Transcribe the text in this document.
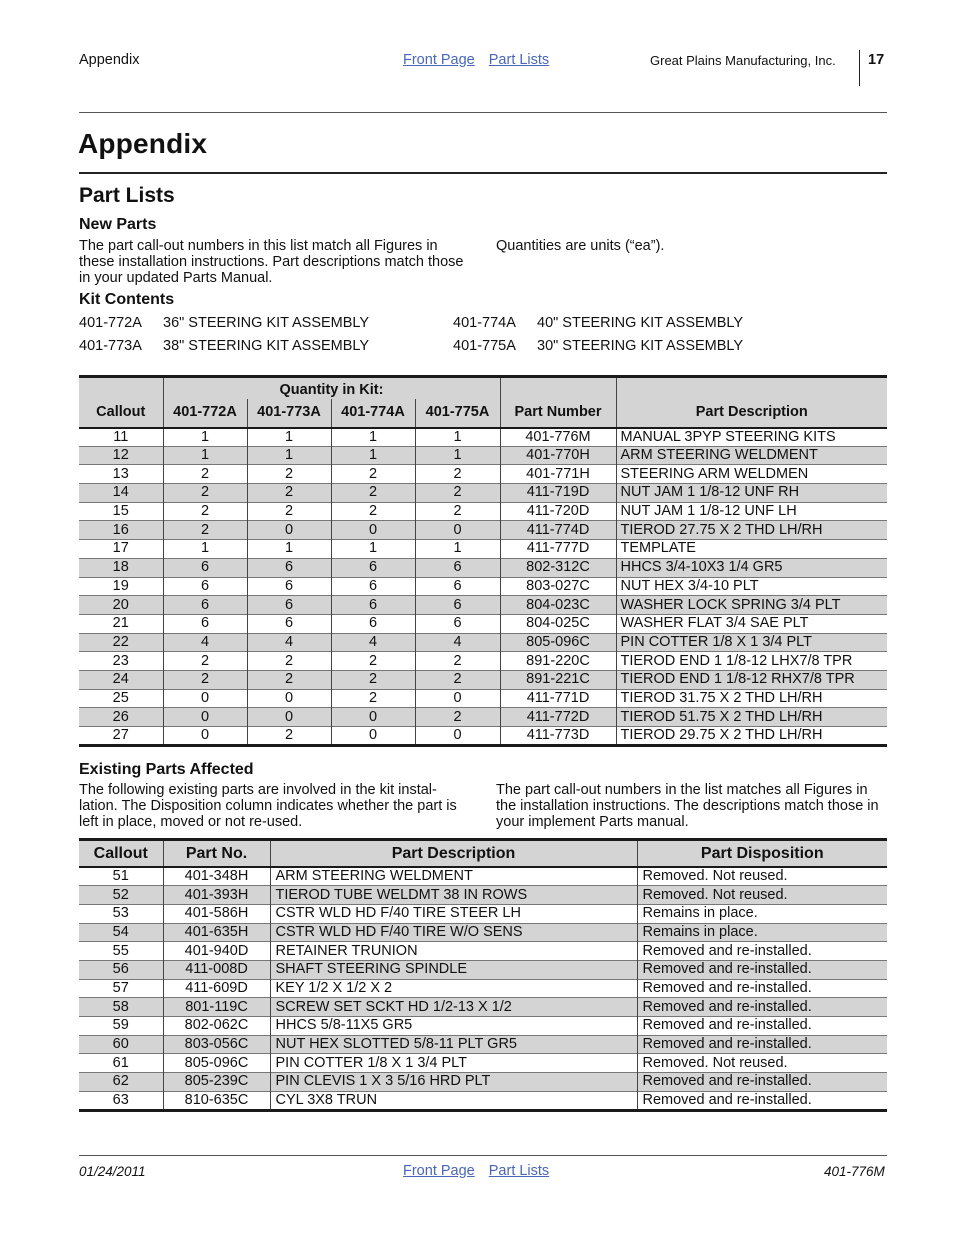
Appendix	Front Page Part Lists	Great Plains Manufacturing, Inc. 17
Appendix
Part Lists
New Parts
The part call-out numbers in this list match all Figures in these installation instructions. Part descriptions match those in your updated Parts Manual.
Quantities are units (“ea”).
Kit Contents
401-772A 36" STEERING KIT ASSEMBLY	401-774A 40" STEERING KIT ASSEMBLY
401-773A 38" STEERING KIT ASSEMBLY	401-775A 30" STEERING KIT ASSEMBLY
Callout	Quantity in Kit:				Part Number	Part Description
	401-772A	401-773A	401-774A	401-775A		
11	1	1	1	1	401-776M	MANUAL 3PYP STEERING KITS
12	1	1	1	1	401-770H	ARM STEERING WELDMENT
13	2	2	2	2	401-771H	STEERING ARM WELDMEN
14	2	2	2	2	411-719D	NUT JAM 1 1/8-12 UNF RH
15	2	2	2	2	411-720D	NUT JAM 1 1/8-12 UNF LH
16	2	0	0	0	411-774D	TIEROD 27.75 X 2 THD LH/RH
17	1	1	1	1	411-777D	TEMPLATE
18	6	6	6	6	802-312C	HHCS 3/4-10X3 1/4 GR5
19	6	6	6	6	803-027C	NUT HEX 3/4-10 PLT
20	6	6	6	6	804-023C	WASHER LOCK SPRING 3/4 PLT
21	6	6	6	6	804-025C	WASHER FLAT 3/4 SAE PLT
22	4	4	4	4	805-096C	PIN COTTER 1/8 X 1 3/4 PLT
23	2	2	2	2	891-220C	TIEROD END 1 1/8-12 LHX7/8 TPR
24	2	2	2	2	891-221C	TIEROD END 1 1/8-12 RHX7/8 TPR
25	0	0	2	0	411-771D	TIEROD 31.75 X 2 THD LH/RH
26	0	0	0	2	411-772D	TIEROD 51.75 X 2 THD LH/RH
27	0	2	0	0	411-773D	TIEROD 29.75 X 2 THD LH/RH
Existing Parts Affected
The following existing parts are involved in the kit instal-lation. The Disposition column indicates whether the part is left in place, moved or not re-used.
The part call-out numbers in the list matches all Figures in the installation instructions. The descriptions match those in your implement Parts manual.
Callout	Part No.	Part Description	Part Disposition
51	401-348H	ARM STEERING WELDMENT	Removed. Not reused.
52	401-393H	TIEROD TUBE WELDMT 38 IN ROWS	Removed. Not reused.
53	401-586H	CSTR WLD HD F/40 TIRE STEER LH	Remains in place.
54	401-635H	CSTR WLD HD F/40 TIRE W/O SENS	Remains in place.
55	401-940D	RETAINER TRUNION	Removed and re-installed.
56	411-008D	SHAFT STEERING SPINDLE	Removed and re-installed.
57	411-609D	KEY 1/2 X 1/2 X 2	Removed and re-installed.
58	801-119C	SCREW SET SCKT HD 1/2-13 X 1/2	Removed and re-installed.
59	802-062C	HHCS 5/8-11X5 GR5	Removed and re-installed.
60	803-056C	NUT HEX SLOTTED 5/8-11 PLT GR5	Removed and re-installed.
61	805-096C	PIN COTTER 1/8 X 1 3/4 PLT	Removed. Not reused.
62	805-239C	PIN CLEVIS 1 X 3 5/16 HRD PLT	Removed and re-installed.
63	810-635C	CYL 3X8 TRUN	Removed and re-installed.
01/24/2011	Front Page Part Lists	401-776M
